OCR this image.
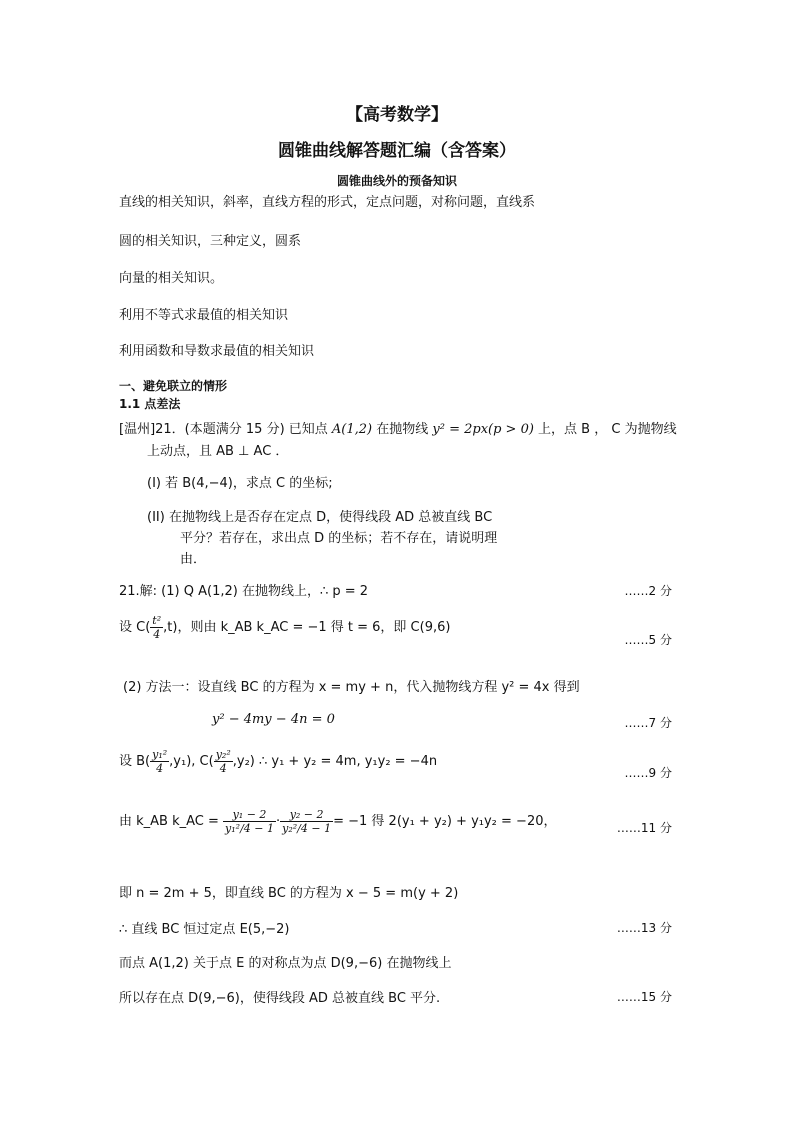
【高考数学】
圆锥曲线解答题汇编（含答案）
圆锥曲线外的预备知识
直线的相关知识，斜率，直线方程的形式，定点问题，对称问题，直线系
圆的相关知识，三种定义，圆系
向量的相关知识。
利用不等式求最值的相关知识
利用函数和导数求最值的相关知识
一、避免联立的情形
1.1 点差法
[温州]21．(本题满分 15 分) 已知点 A(1,2) 在抛物线 y² = 2px(p > 0) 上，点 B ， C 为抛物线
上动点，且 AB ⊥ AC ．
(I) 若 B(4,−4)，求点 C 的坐标;
(II) 在抛物线上是否存在定点 D，使得线段 AD 总被直线 BC
平分？若存在，求出点 D 的坐标；若不存在，请说明理
由．
21.解: (1) Q A(1,2) 在抛物线上，∴ p = 2	……2 分
设 $C( \frac{\text{t²}}{4} ,t)$，则由 k_AB k_AC = −1 得 t = 6，即 C(9,6)
……5 分
(2) 方法一：设直线 BC 的方程为 x = my + n，代入抛物线方程 y² = 4x 得到
y² − 4my − 4n = 0	……7 分
设 $B( \frac{\text{y₁²}}{4} ,y_1)$, $C( \frac{\text{y₂²}}{4} ,y_2)$ ∴ y₁ + y₂ = 4m, y₁y₂ = −4n
……9 分
由 k_AB k_AC = $\frac{\text{y₁ − 2}}{\text{y₁²/4 − 1}} \cdot \frac{\text{y₂ − 2}}{\text{y₂²/4 − 1}} = -1$ 得 2(y₁ + y₂) + y₁y₂ = −20，	……11 分
即 n = 2m + 5，即直线 BC 的方程为 x − 5 = m(y + 2)
∴ 直线 BC 恒过定点 E(5,−2)	……13 分
而点 A(1,2) 关于点 E 的对称点为点 D(9,−6) 在抛物线上
所以存在点 D(9,−6)，使得线段 AD 总被直线 BC 平分.	……15 分
